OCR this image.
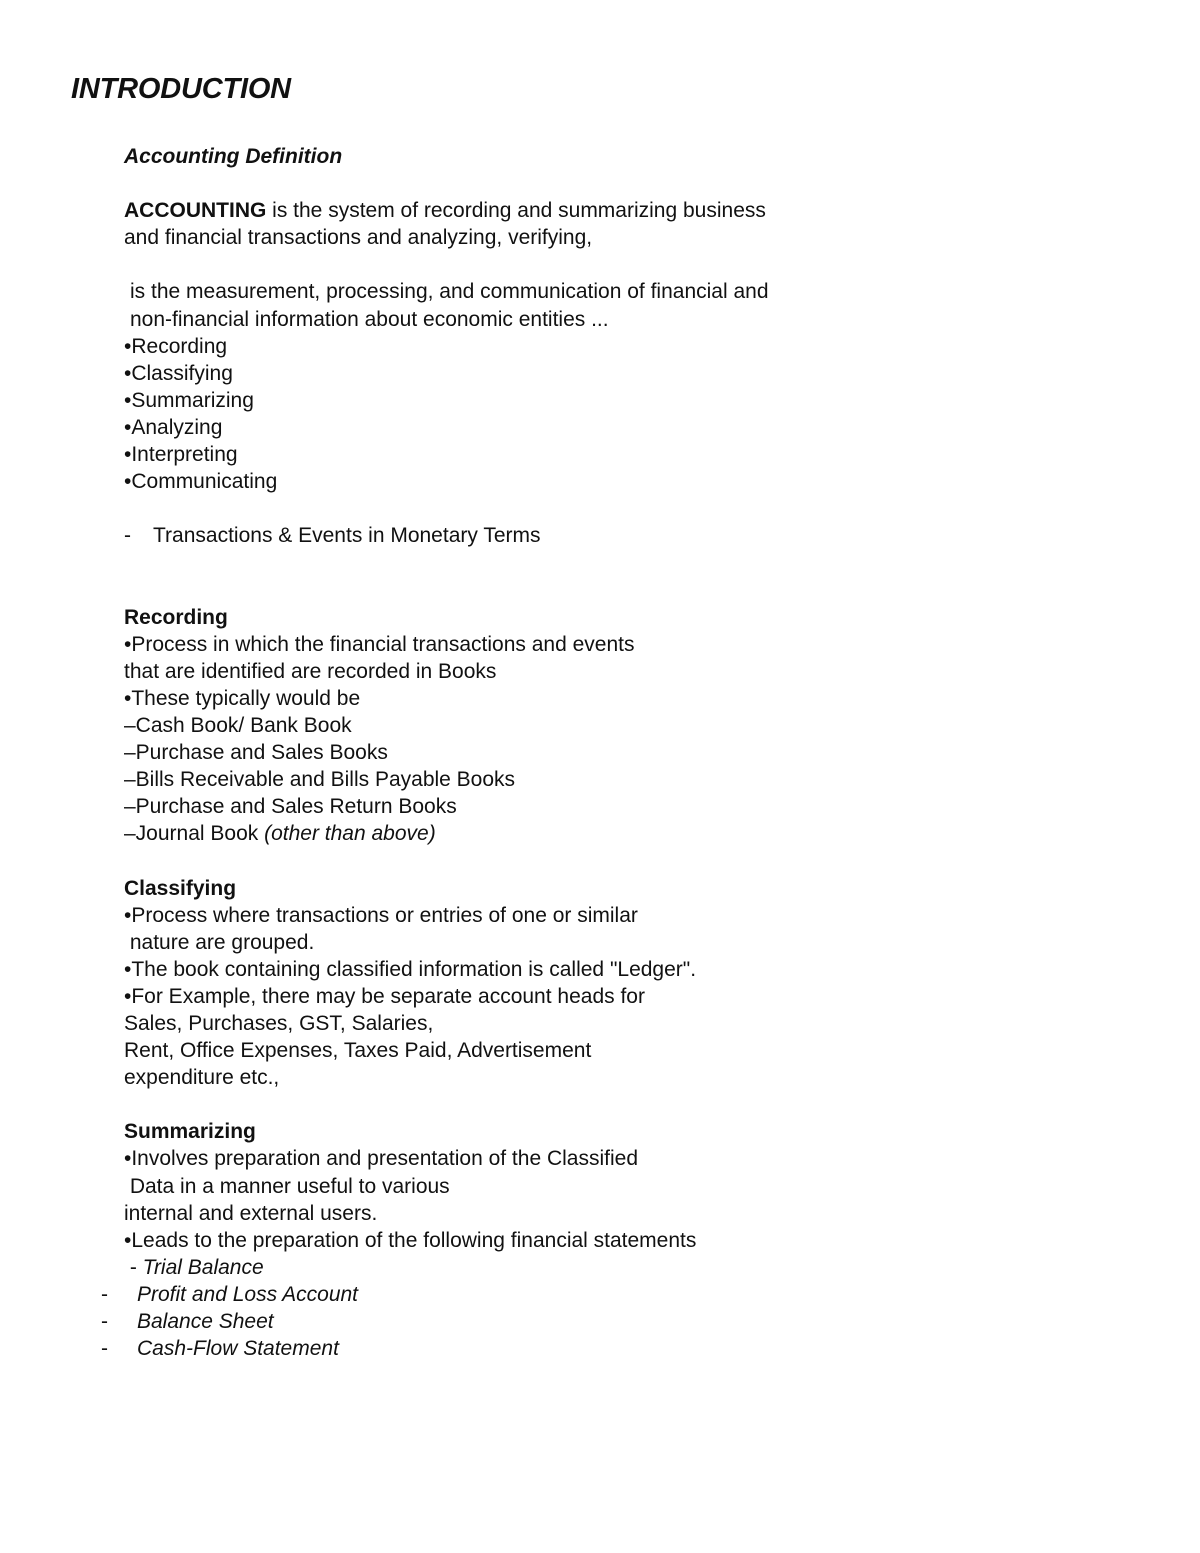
INTRODUCTION
Accounting Definition
ACCOUNTING is the system of recording and summarizing business
and financial transactions and analyzing, verifying,
is the measurement, processing, and communication of financial and
non-financial information about economic entities ...
•Recording
•Classifying
•Summarizing
•Analyzing
•Interpreting
•Communicating
- Transactions & Events in Monetary Terms
Recording
•Process in which the financial transactions and events
that are identified are recorded in Books
•These typically would be
–Cash Book/ Bank Book
–Purchase and Sales Books
–Bills Receivable and Bills Payable Books
–Purchase and Sales Return Books
–Journal Book (other than above)
Classifying
•Process where transactions or entries of one or similar
nature are grouped.
•The book containing classified information is called "Ledger".
•For Example, there may be separate account heads for
Sales, Purchases, GST, Salaries,
Rent, Office Expenses, Taxes Paid, Advertisement
expenditure etc.,
Summarizing
•Involves preparation and presentation of the Classified
Data in a manner useful to various
internal and external users.
•Leads to the preparation of the following financial statements
- Trial Balance
- Profit and Loss Account
- Balance Sheet
- Cash-Flow Statement
